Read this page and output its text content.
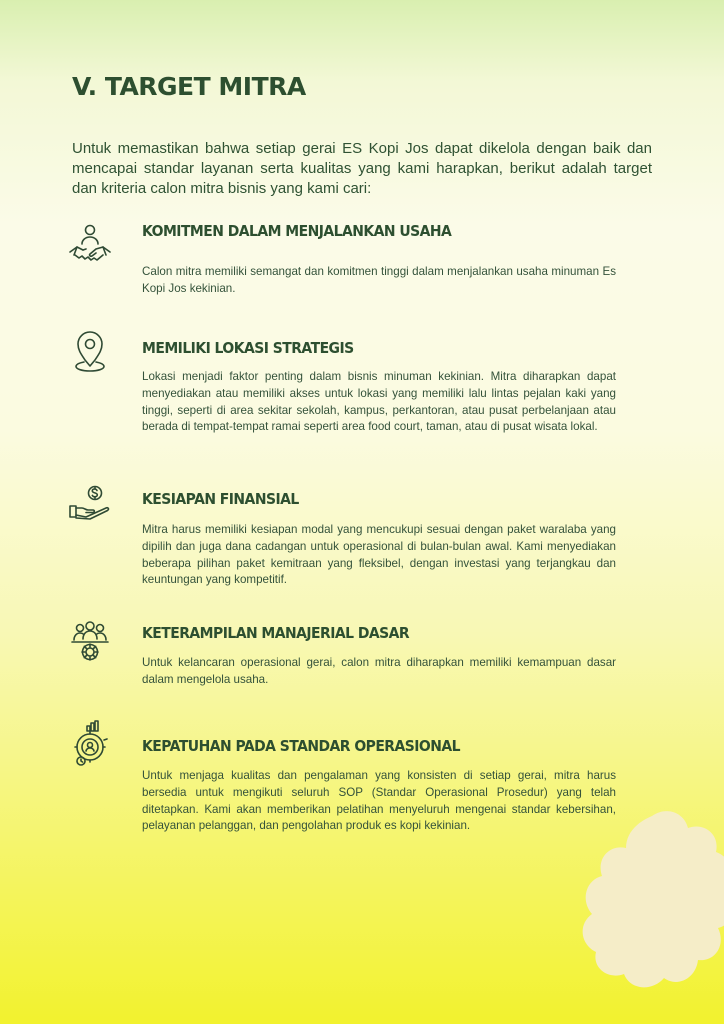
V. TARGET MITRA

Untuk memastikan bahwa setiap gerai ES Kopi Jos dapat dikelola dengan baik dan mencapai standar layanan serta kualitas yang kami harapkan, berikut adalah target dan kriteria calon mitra bisnis yang kami cari:

KOMITMEN DALAM MENJALANKAN USAHA

Calon mitra memiliki semangat dan komitmen tinggi dalam menjalankan usaha minuman Es Kopi Jos kekinian.

MEMILIKI LOKASI STRATEGIS

Lokasi menjadi faktor penting dalam bisnis minuman kekinian. Mitra diharapkan dapat menyediakan atau memiliki akses untuk lokasi yang memiliki lalu lintas pejalan kaki yang tinggi, seperti di area sekitar sekolah, kampus, perkantoran, atau pusat perbelanjaan atau berada di tempat-tempat ramai seperti area food court, taman, atau di pusat wisata lokal.

KESIAPAN FINANSIAL

Mitra harus memiliki kesiapan modal yang mencukupi sesuai dengan paket waralaba yang dipilih dan juga dana cadangan untuk operasional di bulan-bulan awal. Kami menyediakan beberapa pilihan paket kemitraan yang fleksibel, dengan investasi yang terjangkau dan keuntungan yang kompetitif.

KETERAMPILAN MANAJERIAL DASAR

Untuk kelancaran operasional gerai, calon mitra diharapkan memiliki kemampuan dasar dalam mengelola usaha.

KEPATUHAN PADA STANDAR OPERASIONAL

Untuk menjaga kualitas dan pengalaman yang konsisten di setiap gerai, mitra harus bersedia untuk mengikuti seluruh SOP (Standar Operasional Prosedur) yang telah ditetapkan. Kami akan memberikan pelatihan menyeluruh mengenai standar kebersihan, pelayanan pelanggan, dan pengolahan produk es kopi kekinian.
